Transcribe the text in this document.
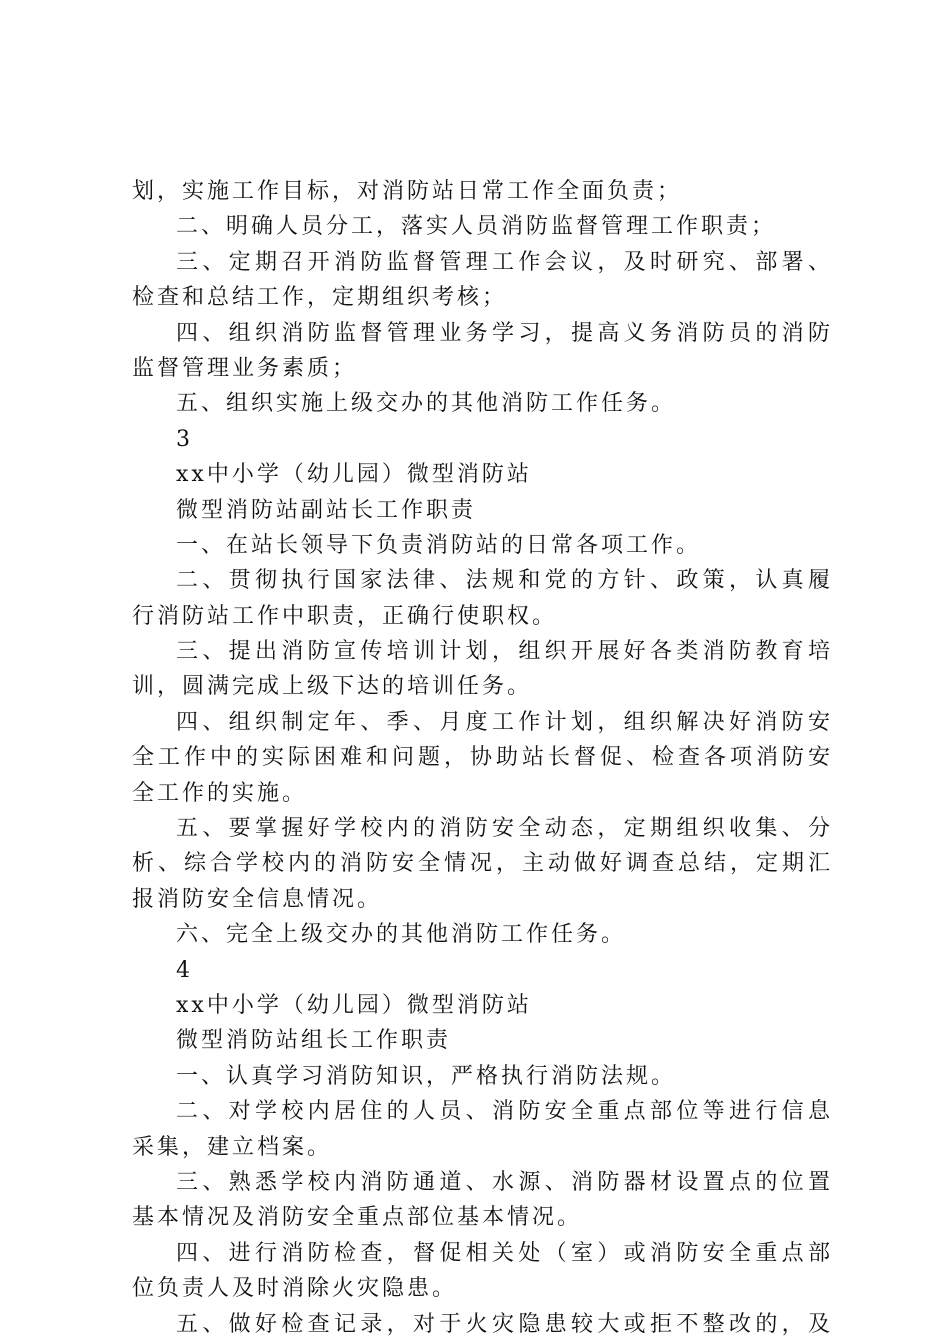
划，实施工作目标，对消防站日常工作全面负责；
二、明确人员分工，落实人员消防监督管理工作职责；
三、定期召开消防监督管理工作会议，及时研究、部署、
检查和总结工作，定期组织考核；
四、组织消防监督管理业务学习，提高义务消防员的消防
监督管理业务素质；
五、组织实施上级交办的其他消防工作任务。
3
xx中小学（幼儿园）微型消防站
微型消防站副站长工作职责
一、在站长领导下负责消防站的日常各项工作。
二、贯彻执行国家法律、法规和党的方针、政策，认真履
行消防站工作中职责，正确行使职权。
三、提出消防宣传培训计划，组织开展好各类消防教育培
训，圆满完成上级下达的培训任务。
四、组织制定年、季、月度工作计划，组织解决好消防安
全工作中的实际困难和问题，协助站长督促、检查各项消防安
全工作的实施。
五、要掌握好学校内的消防安全动态，定期组织收集、分
析、综合学校内的消防安全情况，主动做好调查总结，定期汇
报消防安全信息情况。
六、完全上级交办的其他消防工作任务。
4
xx中小学（幼儿园）微型消防站
微型消防站组长工作职责
一、认真学习消防知识，严格执行消防法规。
二、对学校内居住的人员、消防安全重点部位等进行信息
采集，建立档案。
三、熟悉学校内消防通道、水源、消防器材设置点的位置
基本情况及消防安全重点部位基本情况。
四、进行消防检查，督促相关处（室）或消防安全重点部
位负责人及时消除火灾隐患。
五、做好检查记录，对于火灾隐患较大或拒不整改的，及
